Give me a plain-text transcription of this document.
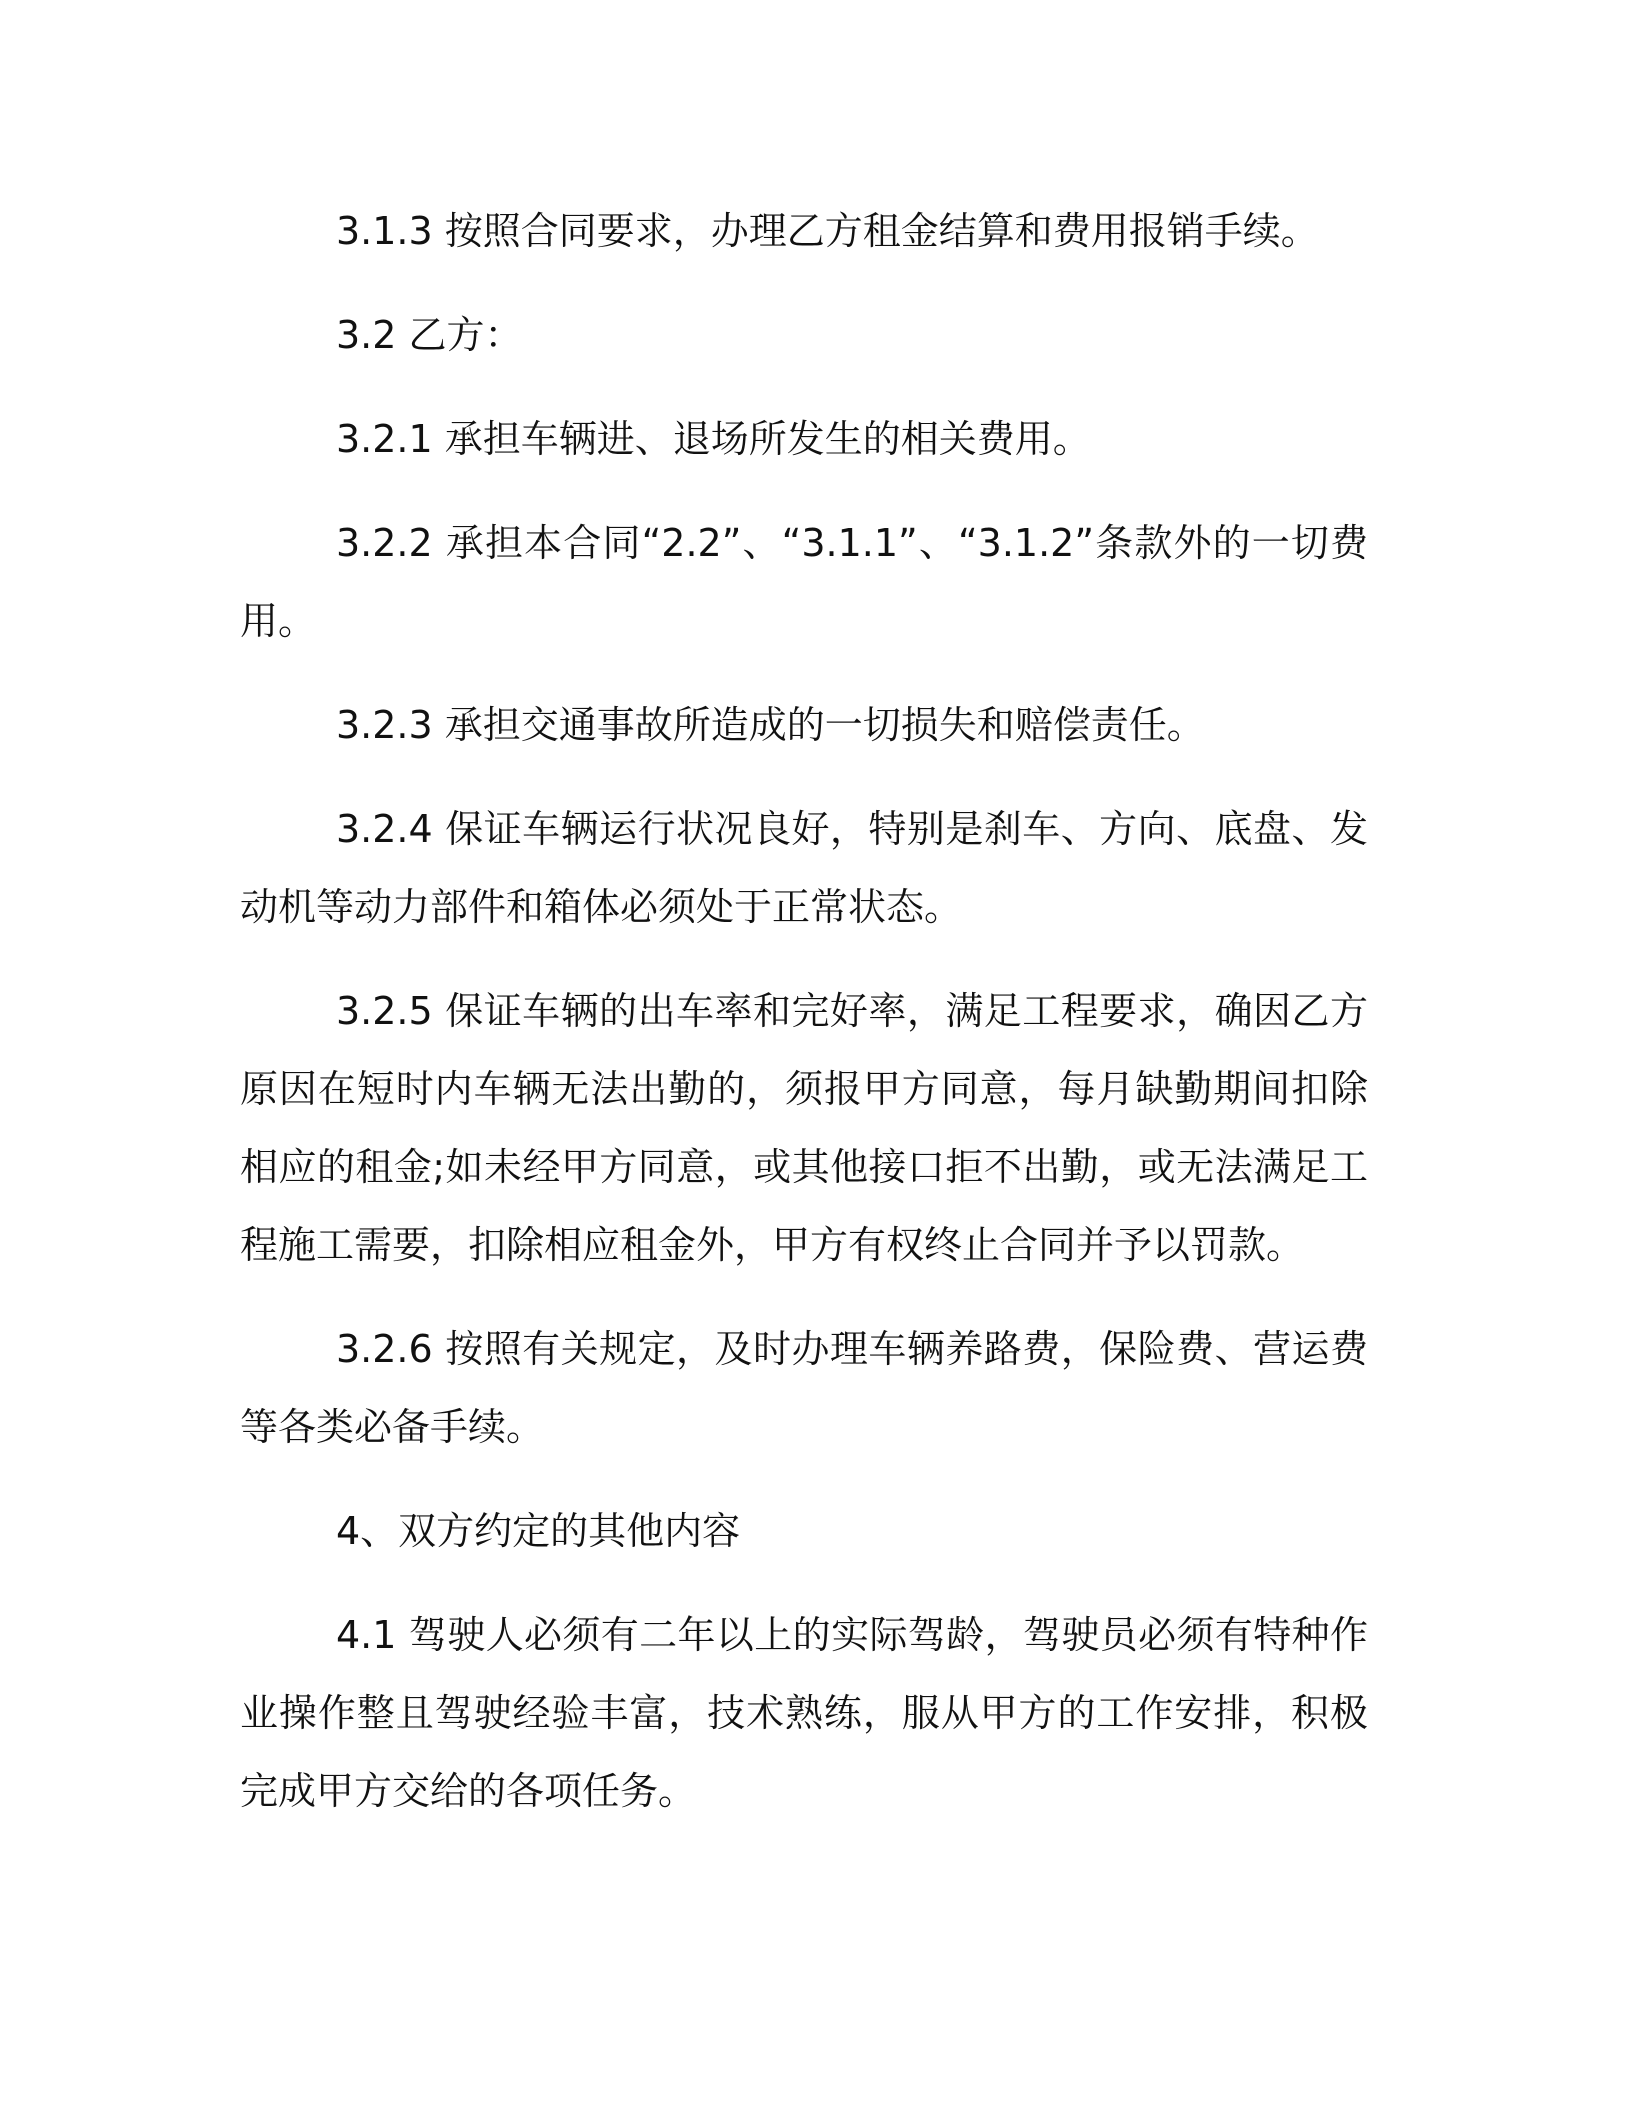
3.1.3 按照合同要求，办理乙方租金结算和费用报销手续。

3.2 乙方：

3.2.1 承担车辆进、退场所发生的相关费用。

3.2.2 承担本合同“2.2”、“3.1.1”、“3.1.2”条款外的一切费用。

3.2.3 承担交通事故所造成的一切损失和赔偿责任。

3.2.4 保证车辆运行状况良好，特别是刹车、方向、底盘、发动机等动力部件和箱体必须处于正常状态。

3.2.5 保证车辆的出车率和完好率，满足工程要求，确因乙方原因在短时内车辆无法出勤的，须报甲方同意，每月缺勤期间扣除相应的租金;如未经甲方同意，或其他接口拒不出勤，或无法满足工程施工需要，扣除相应租金外，甲方有权终止合同并予以罚款。

3.2.6 按照有关规定，及时办理车辆养路费，保险费、营运费等各类必备手续。

4、双方约定的其他内容

4.1 驾驶人必须有二年以上的实际驾龄，驾驶员必须有特种作业操作整且驾驶经验丰富，技术熟练，服从甲方的工作安排，积极完成甲方交给的各项任务。
